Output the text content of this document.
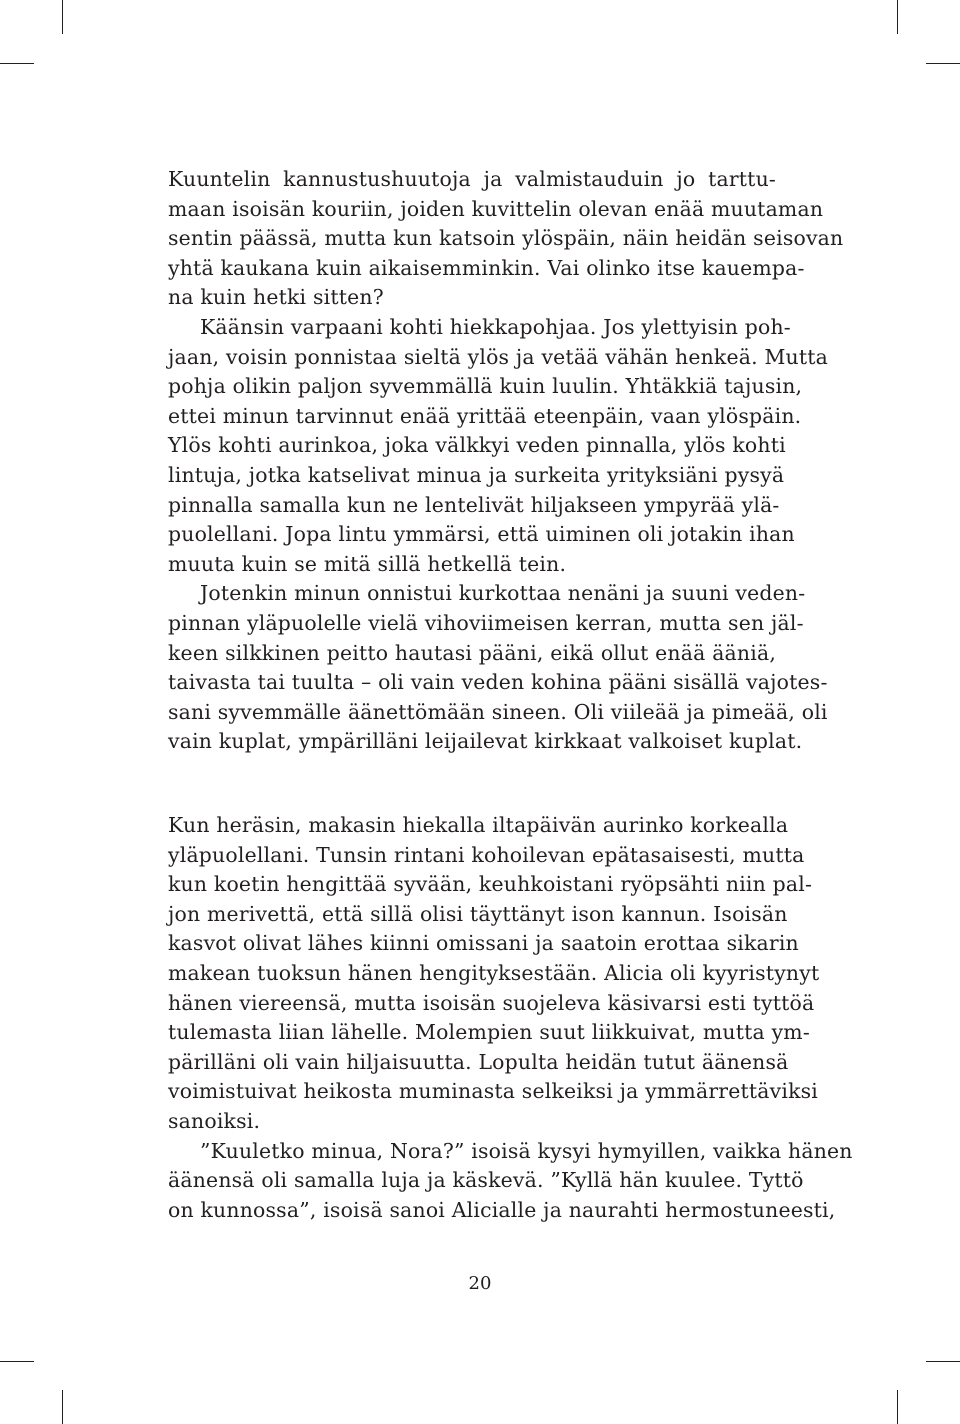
Kuuntelin kannustushuutoja ja valmistauduin jo tarttu-
maan isoisän kouriin, joiden kuvittelin olevan enää muutaman
sentin päässä, mutta kun katsoin ylöspäin, näin heidän seisovan
yhtä kaukana kuin aikaisemminkin. Vai olinko itse kauempa-
na kuin hetki sitten?

Käänsin varpaani kohti hiekkapohjaa. Jos ylettyisin poh-
jaan, voisin ponnistaa sieltä ylös ja vetää vähän henkeä. Mutta
pohja olikin paljon syvemmällä kuin luulin. Yhtäkkiä tajusin,
ettei minun tarvinnut enää yrittää eteenpäin, vaan ylöspäin.
Ylös kohti aurinkoa, joka välkkyi veden pinnalla, ylös kohti
lintuja, jotka katselivat minua ja surkeita yrityksiäni pysyä
pinnalla samalla kun ne lentelivät hiljakseen ympyrää ylä-
puolellani. Jopa lintu ymmärsi, että uiminen oli jotakin ihan
muuta kuin se mitä sillä hetkellä tein.

Jotenkin minun onnistui kurkottaa nenäni ja suuni veden-
pinnan yläpuolelle vielä vihoviimeisen kerran, mutta sen jäl-
keen silkkinen peitto hautasi pääni, eikä ollut enää ääniä,
taivasta tai tuulta – oli vain veden kohina pääni sisällä vajotes-
sani syvemmälle äänettömään sineen. Oli viileää ja pimeää, oli
vain kuplat, ympärilläni leijailevat kirkkaat valkoiset kuplat.

Kun heräsin, makasin hiekalla iltapäivän aurinko korkealla
yläpuolellani. Tunsin rintani kohoilevan epätasaisesti, mutta
kun koetin hengittää syvään, keuhkoistani ryöpsähti niin pal-
jon merivettä, että sillä olisi täyttänyt ison kannun. Isoisän
kasvot olivat lähes kiinni omissani ja saatoin erottaa sikarin
makean tuoksun hänen hengityksestään. Alicia oli kyyristynyt
hänen viereensä, mutta isoisän suojeleva käsivarsi esti tyttöä
tulemasta liian lähelle. Molempien suut liikkuivat, mutta ym-
pärilläni oli vain hiljaisuutta. Lopulta heidän tutut äänensä
voimistuivat heikosta muminasta selkeiksi ja ymmärrettäviksi
sanoiksi.

”Kuuletko minua, Nora?” isoisä kysyi hymyillen, vaikka hänen
äänensä oli samalla luja ja käskevä. ”Kyllä hän kuulee. Tyttö
on kunnossa”, isoisä sanoi Alicialle ja naurahti hermostuneesti,

20
